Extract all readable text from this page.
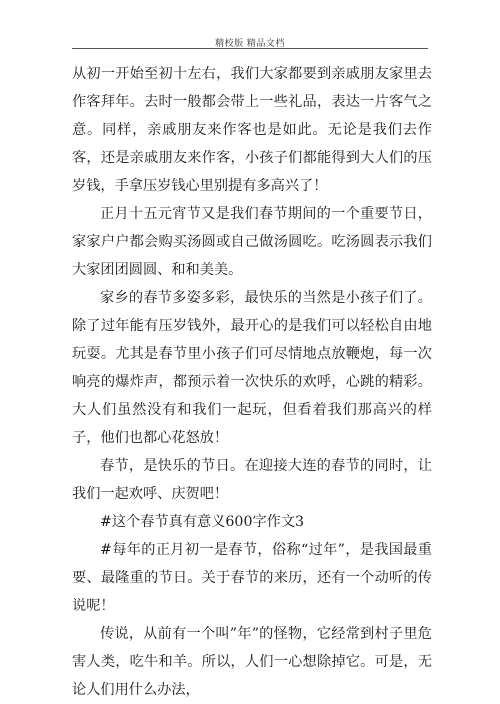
精校版 精品文档

从初一开始至初十左右，我们大家都要到亲戚朋友家里去作客拜年。去时一般都会带上一些礼品，表达一片客气之意。同样，亲戚朋友来作客也是如此。无论是我们去作客，还是亲戚朋友来作客，小孩子们都能得到大人们的压岁钱，手拿压岁钱心里别提有多高兴了！

正月十五元宵节又是我们春节期间的一个重要节日，家家户户都会购买汤圆或自己做汤圆吃。吃汤圆表示我们大家团团圆圆、和和美美。

家乡的春节多姿多彩，最快乐的当然是小孩子们了。除了过年能有压岁钱外，最开心的是我们可以轻松自由地玩耍。尤其是春节里小孩子们可尽情地点放鞭炮，每一次响亮的爆炸声，都预示着一次快乐的欢呼，心跳的精彩。大人们虽然没有和我们一起玩，但看着我们那高兴的样子，他们也都心花怒放！

春节，是快乐的节日。在迎接大连的春节的同时，让我们一起欢呼、庆贺吧！

#这个春节真有意义600字作文3

#每年的正月初一是春节，俗称“过年”，是我国最重要、最隆重的节日。关于春节的来历，还有一个动听的传说呢！

传说，从前有一个叫”年”的怪物，它经常到村子里危害人类，吃牛和羊。所以，人们一心想除掉它。可是，无论人们用什么办法，
